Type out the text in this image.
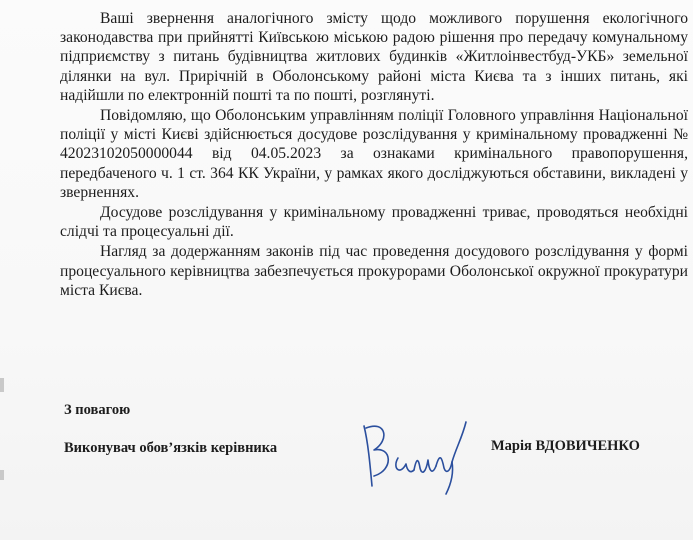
Ваші звернення аналогічного змісту щодо можливого порушення екологічного законодавства при прийнятті Київською міською радою рішення про передачу комунальному підприємству з питань будівництва житлових будинків «Житлоінвестбуд-УКБ» земельної ділянки на вул. Прирічній в Оболонському районі міста Києва та з інших питань, які надійшли по електронній пошті та по пошті, розглянуті.

Повідомляю, що Оболонським управлінням поліції Головного управління Національної поліції у місті Києві здійснюється досудове розслідування у кримінальному провадженні № 42023102050000044 від 04.05.2023 за ознаками кримінального правопорушення, передбаченого ч. 1 ст. 364 КК України, у рамках якого досліджуються обставини, викладені у зверненнях.

Досудове розслідування у кримінальному провадженні триває, проводяться необхідні слідчі та процесуальні дії.

Нагляд за додержанням законів під час проведення досудового розслідування у формі процесуального керівництва забезпечується прокурорами Оболонської окружної прокуратури міста Києва.

З повагою
Виконувач обов’язків керівника	Марія ВДОВИЧЕНКО
